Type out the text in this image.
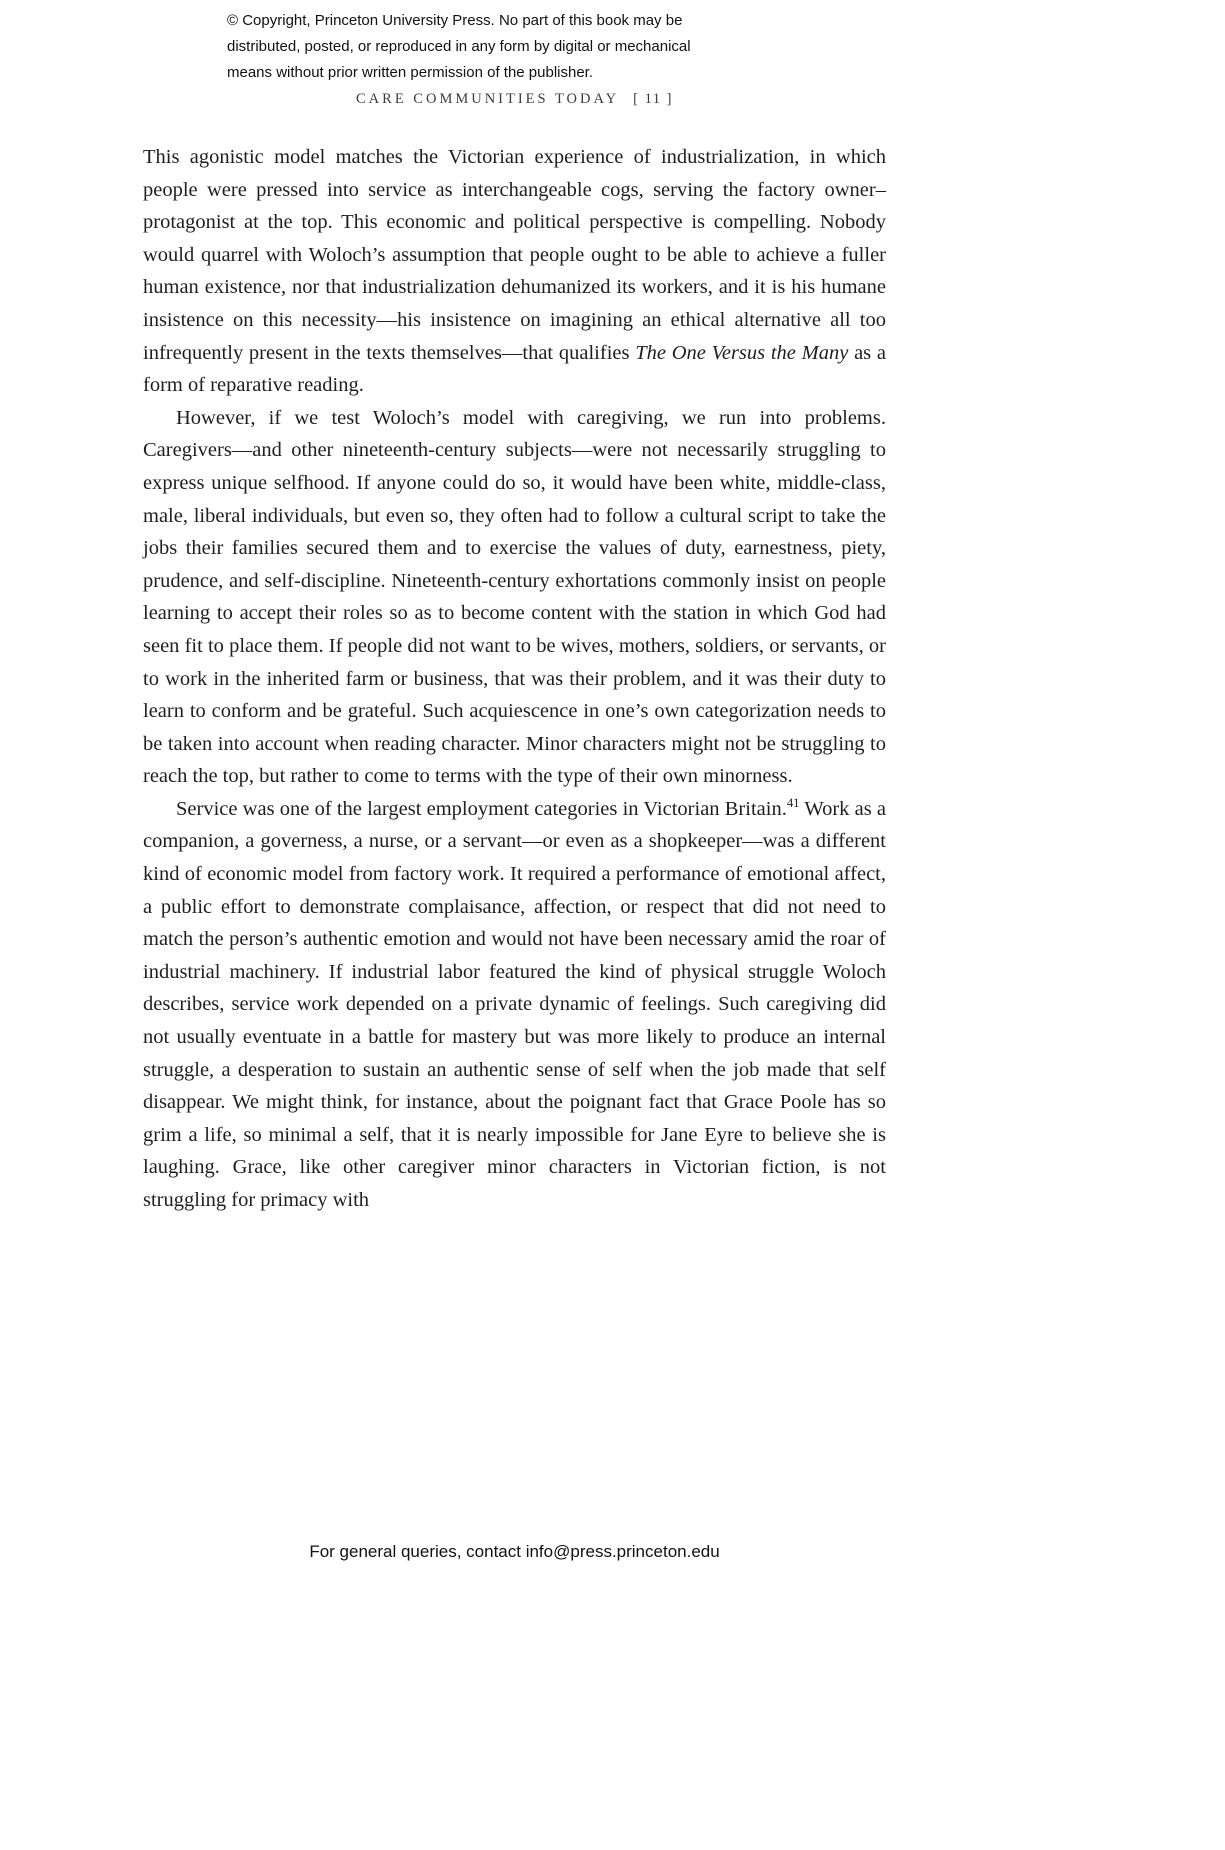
© Copyright, Princeton University Press. No part of this book may be
distributed, posted, or reproduced in any form by digital or mechanical
means without prior written permission of the publisher.
CARE COMMUNITIES TODAY [ 11 ]

This agonistic model matches the Victorian experience of industrialization, in which people were pressed into service as interchangeable cogs, serving the factory owner–protagonist at the top. This economic and political perspective is compelling. Nobody would quarrel with Woloch’s assumption that people ought to be able to achieve a fuller human existence, nor that industrialization dehumanized its workers, and it is his humane insistence on this necessity—his insistence on imagining an ethical alternative all too infrequently present in the texts themselves—that qualifies The One Versus the Many as a form of reparative reading.

However, if we test Woloch’s model with caregiving, we run into problems. Caregivers—and other nineteenth-century subjects—were not necessarily struggling to express unique selfhood. If anyone could do so, it would have been white, middle-class, male, liberal individuals, but even so, they often had to follow a cultural script to take the jobs their families secured them and to exercise the values of duty, earnestness, piety, prudence, and self-discipline. Nineteenth-century exhortations commonly insist on people learning to accept their roles so as to become content with the station in which God had seen fit to place them. If people did not want to be wives, mothers, soldiers, or servants, or to work in the inherited farm or business, that was their problem, and it was their duty to learn to conform and be grateful. Such acquiescence in one’s own categorization needs to be taken into account when reading character. Minor characters might not be struggling to reach the top, but rather to come to terms with the type of their own minorness.

Service was one of the largest employment categories in Victorian Britain.$^{41}$ Work as a companion, a governess, a nurse, or a servant—or even as a shopkeeper—was a different kind of economic model from factory work. It required a performance of emotional affect, a public effort to demonstrate complaisance, affection, or respect that did not need to match the person’s authentic emotion and would not have been necessary amid the roar of industrial machinery. If industrial labor featured the kind of physical struggle Woloch describes, service work depended on a private dynamic of feelings. Such caregiving did not usually eventuate in a battle for mastery but was more likely to produce an internal struggle, a desperation to sustain an authentic sense of self when the job made that self disappear. We might think, for instance, about the poignant fact that Grace Poole has so grim a life, so minimal a self, that it is nearly impossible for Jane Eyre to believe she is laughing. Grace, like other caregiver minor characters in Victorian fiction, is not struggling for primacy with

For general queries, contact info@press.princeton.edu
